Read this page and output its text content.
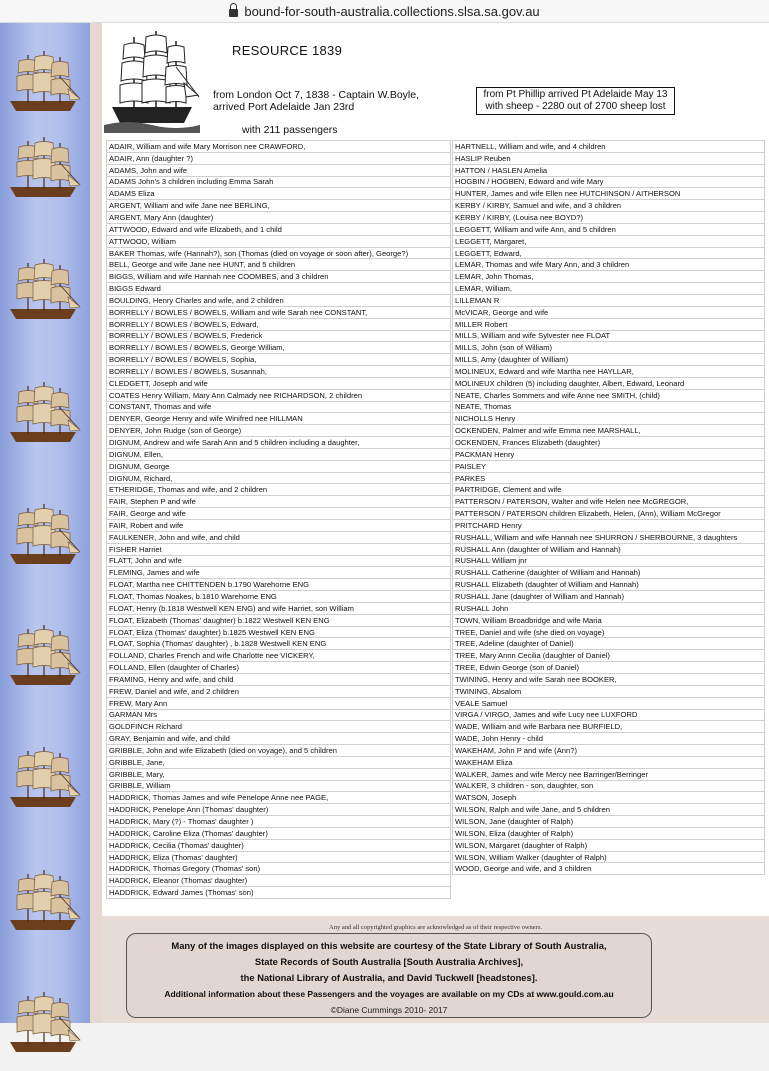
bound-for-south-australia.collections.slsa.sa.gov.au
RESOURCE 1839
from London Oct 7, 1838 - Captain W.Boyle,
arrived Port Adelaide Jan 23rd
from Pt Phillip arrived Pt Adelaide May 13
with sheep - 2280 out of 2700 sheep lost
with 211 passengers
ADAIR, William and wife Mary Morrison nee CRAWFORD,
ADAIR, Ann (daughter ?)
ADAMS, John and wife
ADAMS John's 3 children including Emma Sarah
ADAMS Eliza
ARGENT, William and wife Jane nee BERLING,
ARGENT, Mary Ann (daughter)
ATTWOOD, Edward and wife Elizabeth, and 1 child
ATTWOOD, William
BAKER Thomas, wife (Hannah?), son (Thomas (died on voyage or soon after), George?)
BELL, George and wife Jane nee HUNT, and 5 children
BIGGS, William and wife Hannah nee COOMBES, and 3 children
BIGGS Edward
BOULDING, Henry Charles and wife, and 2 children
BORRELLY / BOWLES / BOWELS, William and wife Sarah nee CONSTANT,
BORRELLY / BOWLES / BOWELS, Edward,
BORRELLY / BOWLES / BOWELS, Frederick
BORRELLY / BOWLES / BOWELS, George William,
BORRELLY / BOWLES / BOWELS, Sophia,
BORRELLY / BOWLES / BOWELS, Susannah,
CLEDGETT, Joseph and wife
COATES Henry William, Mary Ann Calmady nee RICHARDSON, 2 children
CONSTANT, Thomas and wife
DENYER, George Henry and wife Winifred nee HILLMAN
DENYER, John Rudge (son of George)
DIGNUM, Andrew and wife Sarah Ann and 5 children including a daughter,
DIGNUM, Ellen,
DIGNUM, George
DIGNUM, Richard,
ETHERIDGE, Thomas and wife, and 2 children
FAIR, Stephen P and wife
FAIR, George and wife
FAIR, Robert and wife
FAULKENER, John and wife, and child
FISHER Harriet
FLATT, John and wife
FLEMING, James and wife
FLOAT, Martha nee CHITTENDEN b.1790 Warehorne ENG
FLOAT, Thomas Noakes, b.1810 Warehorne ENG
FLOAT, Henry (b.1818 Westwell KEN ENG) and wife Harriet, son William
FLOAT, Elizabeth (Thomas' daughter) b.1822 Westwell KEN ENG
FLOAT, Eliza (Thomas' daughter) b.1825 Westwell KEN ENG
FLOAT, Sophia (Thomas' daughter) , b.1828 Westwell KEN ENG
FOLLAND, Charles French and wife Charlotte nee VICKERY,
FOLLAND, Ellen (daughter of Charles)
FRAMING, Henry and wife, and child
FREW, Daniel and wife, and 2 children
FREW, Mary Ann
GARMAN Mrs
GOLDFINCH Richard
GRAY, Benjamin and wife, and child
GRIBBLE, John and wife Elizabeth (died on voyage), and 5 children
GRIBBLE, Jane,
GRIBBLE, Mary,
GRIBBLE, William
HADDRICK, Thomas James and wife Penelope Anne nee PAGE,
HADDRICK, Penelope Ann (Thomas' daughter)
HADDRICK, Mary (?) - Thomas' daughter )
HADDRICK, Caroline Eliza (Thomas' daughter)
HADDRICK, Cecilia (Thomas' daughter)
HADDRICK, Eliza (Thomas' daughter)
HADDRICK, Thomas Gregory (Thomas' son)
HADDRICK, Eleanor (Thomas' daughter)
HADDRICK, Edward James (Thomas' son)
HARTNELL, William and wife, and 4 children
HASLIP Reuben
HATTON / HASLEN Amelia
HOGBIN / HOGBEN, Edward and wife Mary
HUNTER, James and wife Ellen nee HUTCHINSON / AITHERSON
KERBY / KIRBY, Samuel and wife, and 3 children
KERBY / KIRBY, (Louisa nee BOYD?)
LEGGETT, William and wife Ann, and 5 children
LEGGETT, Margaret,
LEGGETT, Edward,
LEMAR, Thomas and wife Mary Ann, and 3 children
LEMAR, John Thomas,
LEMAR, William,
LILLEMAN R
McVICAR, George and wife
MILLER Robert
MILLS, William and wife Sylvester nee FLOAT
MILLS, John (son of William)
MILLS, Amy (daughter of William)
MOLINEUX, Edward and wife Martha nee HAYLLAR,
MOLINEUX children (5) including daughter, Albert, Edward, Leonard
NEATE, Charles Sommers and wife Anne nee SMITH, (child)
NEATE, Thomas
NICHOLLS Henry
OCKENDEN, Palmer and wife Emma nee MARSHALL,
OCKENDEN, Frances Elizabeth (daughter)
PACKMAN Henry
PAISLEY
PARKES
PARTRIDGE, Clement and wife
PATTERSON / PATERSON, Walter and wife Helen nee McGREGOR,
PATTERSON / PATERSON children Elizabeth, Helen, (Ann), William McGregor
PRITCHARD Henry
RUSHALL, William and wife Hannah nee SHURRON / SHERBOURNE, 3 daughters
RUSHALL Ann (daughter of William and Hannah)
RUSHALL William jnr
RUSHALL Catherine (daughter of William and Hannah)
RUSHALL Elizabeth (daughter of William and Hannah)
RUSHALL Jane (daughter of William and Hannah)
RUSHALL John
TOWN, William Broadbridge and wife Maria
TREE, Daniel and wife (she died on voyage)
TREE, Adeline (daughter of Daniel)
TREE, Mary Annn Cecilia (daughter of Daniel)
TREE, Edwin George (son of Daniel)
TWINING, Henry and wife Sarah nee BOOKER,
TWINING, Absalom
VEALE Samuel
VIRGA / VIRGO, James and wife Lucy nee LUXFORD
WADE, William and wife Barbara nee BURFIELD,
WADE, John Henry - child
WAKEHAM, John P and wife (Ann?)
WAKEHAM Eliza
WALKER, James and wife Mercy nee Barringer/Berringer
WALKER, 3 children - son, daughter, son
WATSON, Joseph
WILSON, Ralph and wife Jane, and 5 children
WILSON, Jane (daughter of Ralph)
WILSON, Eliza (daughter of Ralph)
WILSON, Margaret (daughter of Ralph)
WILSON, William Walker (daughter of Ralph)
WOOD, George and wife, and 3 children
Any and all copyrighted graphics are acknowledged as of their respective owners.
Many of the images displayed on this website are courtesy of the State Library of South Australia,
State Records of South Australia [South Australia Archives],
the National Library of Australia, and David Tuckwell [headstones].
Additional information about these Passengers and the voyages are available on my CDs at www.gould.com.au
©Diane Cummings 2010- 2017
